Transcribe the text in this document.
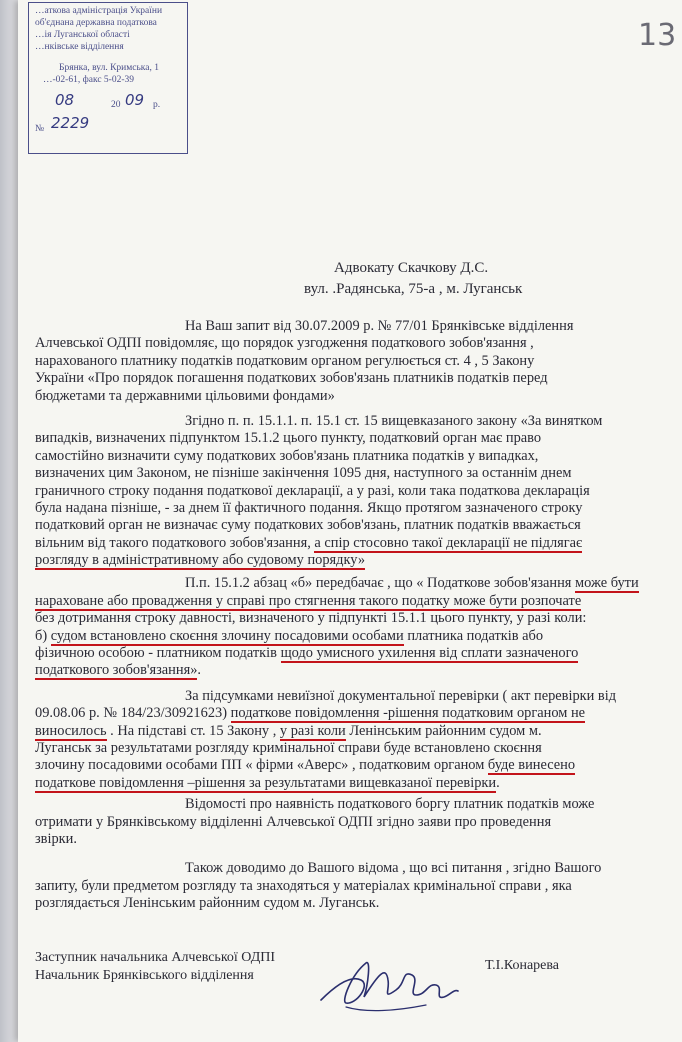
…аткова адміністрація України
об'єднана державна податкова
…ія Луганської області
…нківське відділення
Брянка, вул. Кримська, 1
…-02-61, факс 5-02-39
08	20 09 р.
№ 2229
13
Адвокату Скачкову Д.С.
вул. .Радянська, 75-а , м. Луганськ
На Ваш запит від 30.07.2009 р. № 77/01 Брянківське відділення
Алчевської ОДПІ повідомляє, що порядок узгодження податкового зобов'язання ,
нарахованого платнику податків податковим органом регулюється ст. 4 , 5 Закону
України «Про порядок погашення податкових зобов'язань платників податків перед
бюджетами та державними цільовими фондами»
Згідно п. п. 15.1.1. п. 15.1 ст. 15 вищевказаного закону «За винятком
випадків, визначених підпунктом 15.1.2 цього пункту, податковий орган має право
самостійно визначити суму податкових зобов'язань платника податків у випадках,
визначених цим Законом, не пізніше закінчення 1095 дня, наступного за останнім днем
граничного строку подання податкової декларації, а у разі, коли така податкова декларація
була надана пізніше, - за днем її фактичного подання. Якщо протягом зазначеного строку
податковий орган не визначає суму податкових зобов'язань, платник податків вважається
вільним від такого податкового зобов'язання, а спір стосовно такої декларації не підлягає
розгляду в адміністративному або судовому порядку»
П.п. 15.1.2 абзац «б» передбачає , що « Податкове зобов'язання може бути
нараховане або провадження у справі про стягнення такого податку може бути розпочате
без дотримання строку давності, визначеного у підпункті 15.1.1 цього пункту, у разі коли:
б) судом встановлено скоєння злочину посадовими особами платника податків або
фізичною особою - платником податків щодо умисного ухилення від сплати зазначеного
податкового зобов'язання».
За підсумками невиїзної документальної перевірки ( акт перевірки від
09.08.06 р. № 184/23/30921623) податкове повідомлення -рішення податковим органом не
виносилось . На підставі ст. 15 Закону , у разі коли Ленінським районним судом м.
Луганськ за результатами розгляду кримінальної справи буде встановлено скоєння
злочину посадовими особами ПП « фірми «Аверс» , податковим органом буде винесено
податкове повідомлення –рішення за результатами вищевказаної перевірки.
Відомості про наявність податкового боргу платник податків може
отримати у Брянківському відділенні Алчевської ОДПІ згідно заяви про проведення
звірки.
Також доводимо до Вашого відома , що всі питання , згідно Вашого
запиту, були предметом розгляду та знаходяться у матеріалах кримінальної справи , яка
розглядається Ленінським районним судом м. Луганськ.
Заступник начальника Алчевської ОДПІ
Начальник Брянківського відділення
Т.І.Конарева
